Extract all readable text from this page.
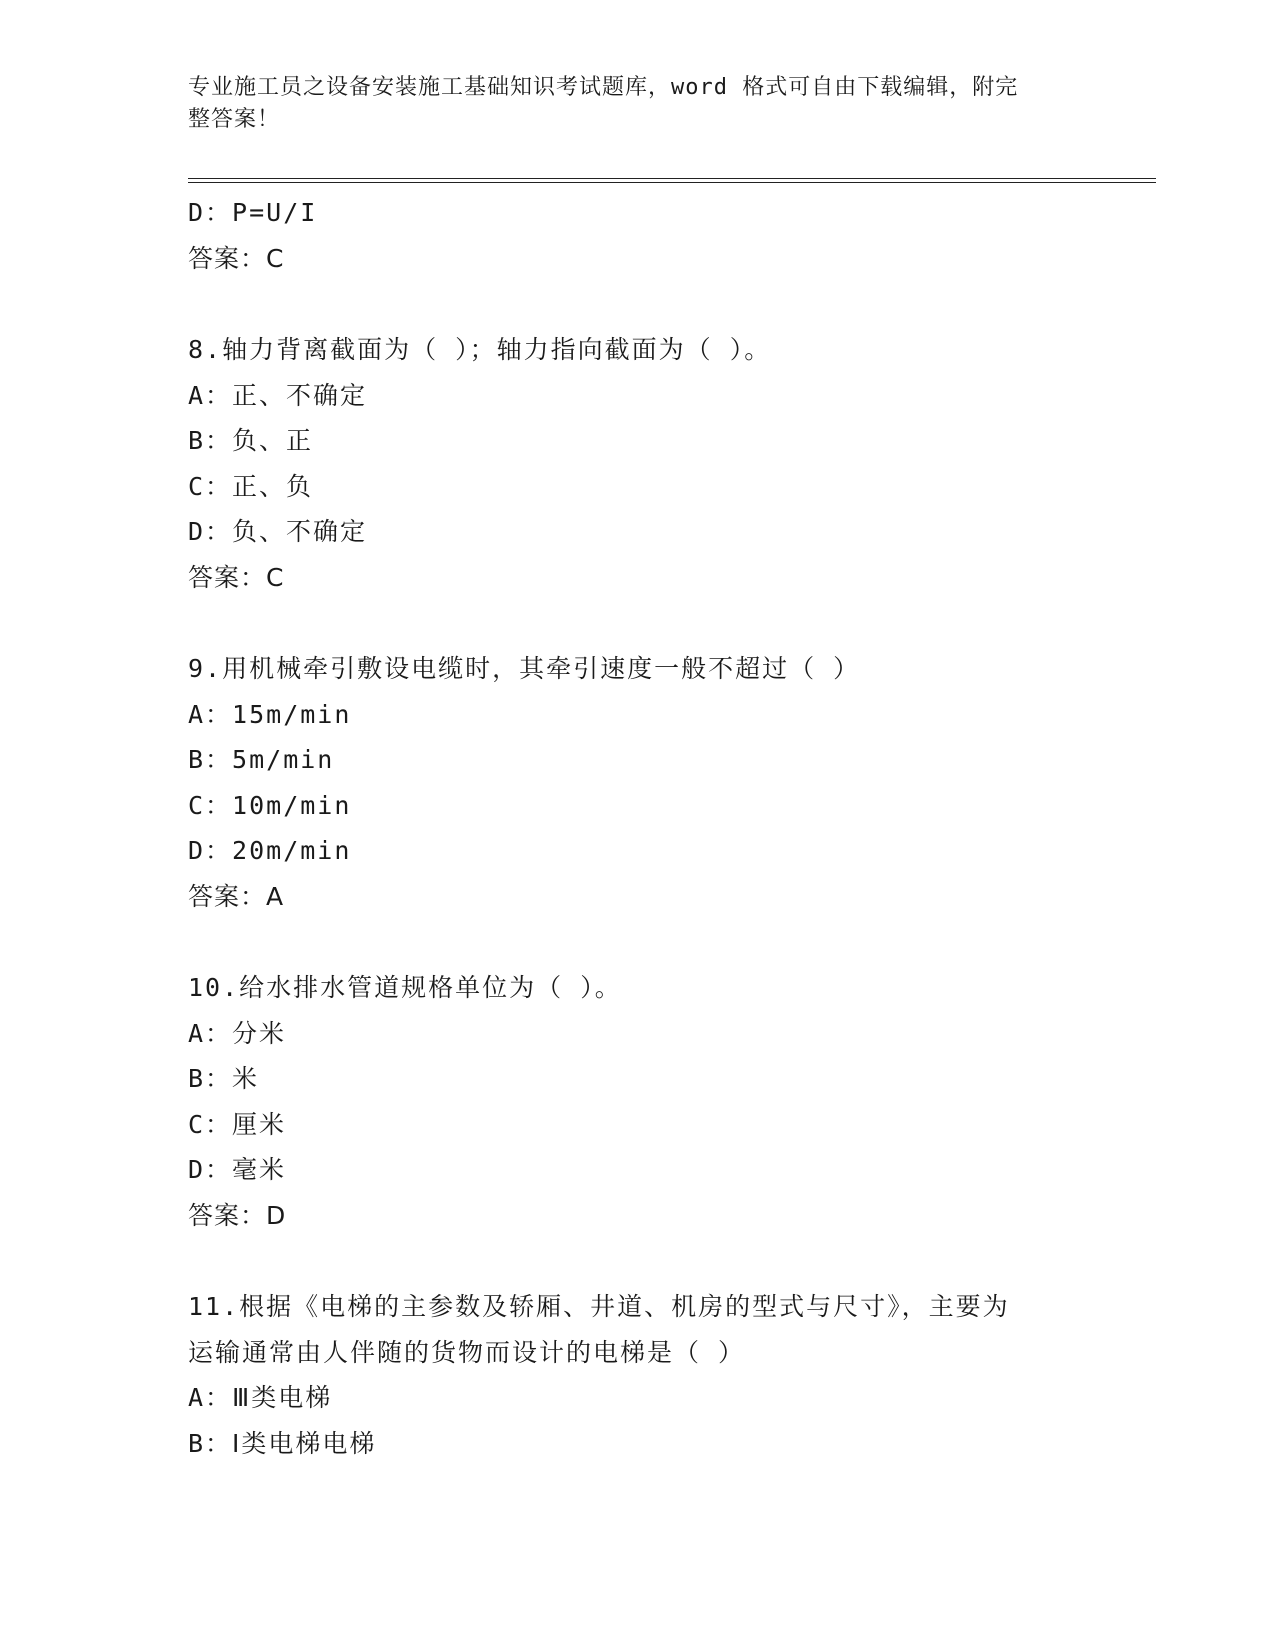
专业施工员之设备安装施工基础知识考试题库，word 格式可自由下载编辑，附完
整答案！
D：P=U/I
答案：C
8.轴力背离截面为（ ）；轴力指向截面为（ ）。
A：正、不确定
B：负、正
C：正、负
D：负、不确定
答案：C
9.用机械牵引敷设电缆时，其牵引速度一般不超过（ ）
A：15m/min
B：5m/min
C：10m/min
D：20m/min
答案：A
10.给水排水管道规格单位为（ ）。
A：分米
B：米
C：厘米
D：毫米
答案：D
11.根据《电梯的主参数及轿厢、井道、机房的型式与尺寸》，主要为
运输通常由人伴随的货物而设计的电梯是（ ）
A：Ⅲ类电梯
B：Ⅰ类电梯电梯
